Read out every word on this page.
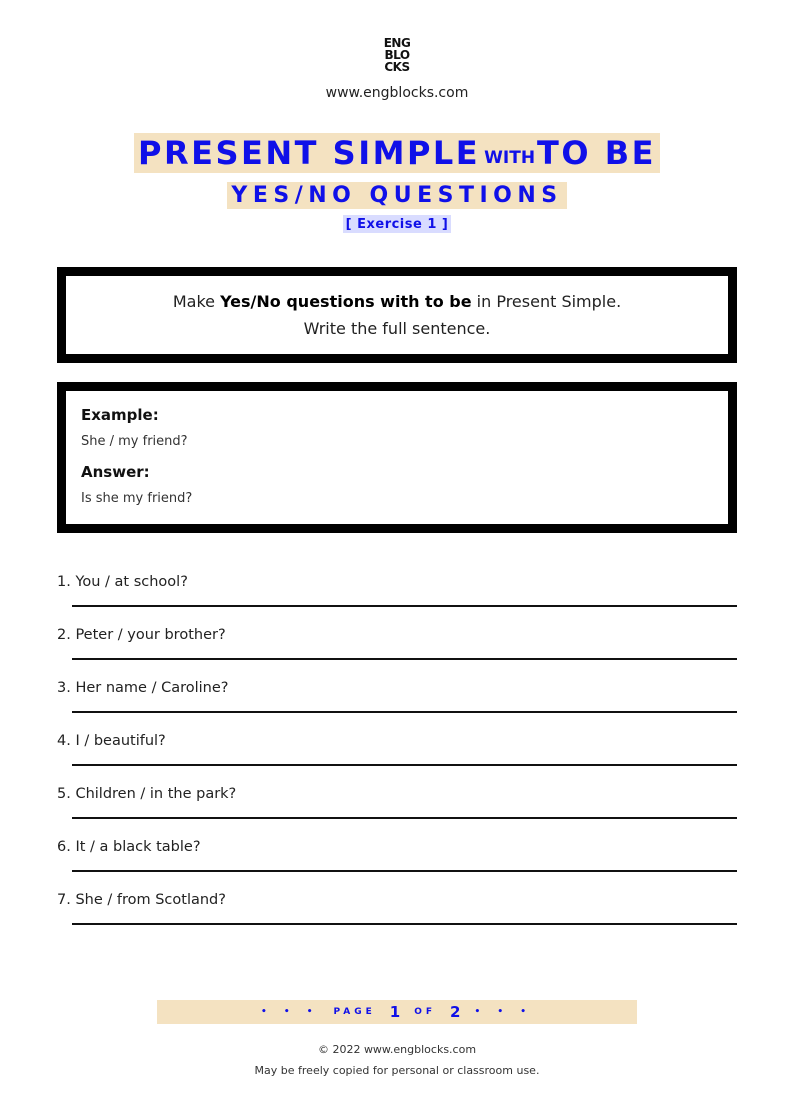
ENG
BLO
CKS
www.engblocks.com
PRESENT SIMPLE WITH TO BE
YES/NO QUESTIONS
[ Exercise 1 ]
Make Yes/No questions with to be in Present Simple.
Write the full sentence.
Example:
She / my friend?
Answer:
Is she my friend?
1. You / at school?
2. Peter / your brother?
3. Her name / Caroline?
4. I / beautiful?
5. Children / in the park?
6. It / a black table?
7. She / from Scotland?
• • • PAGE 1 OF 2 • • •
© 2022 www.engblocks.com
May be freely copied for personal or classroom use.
